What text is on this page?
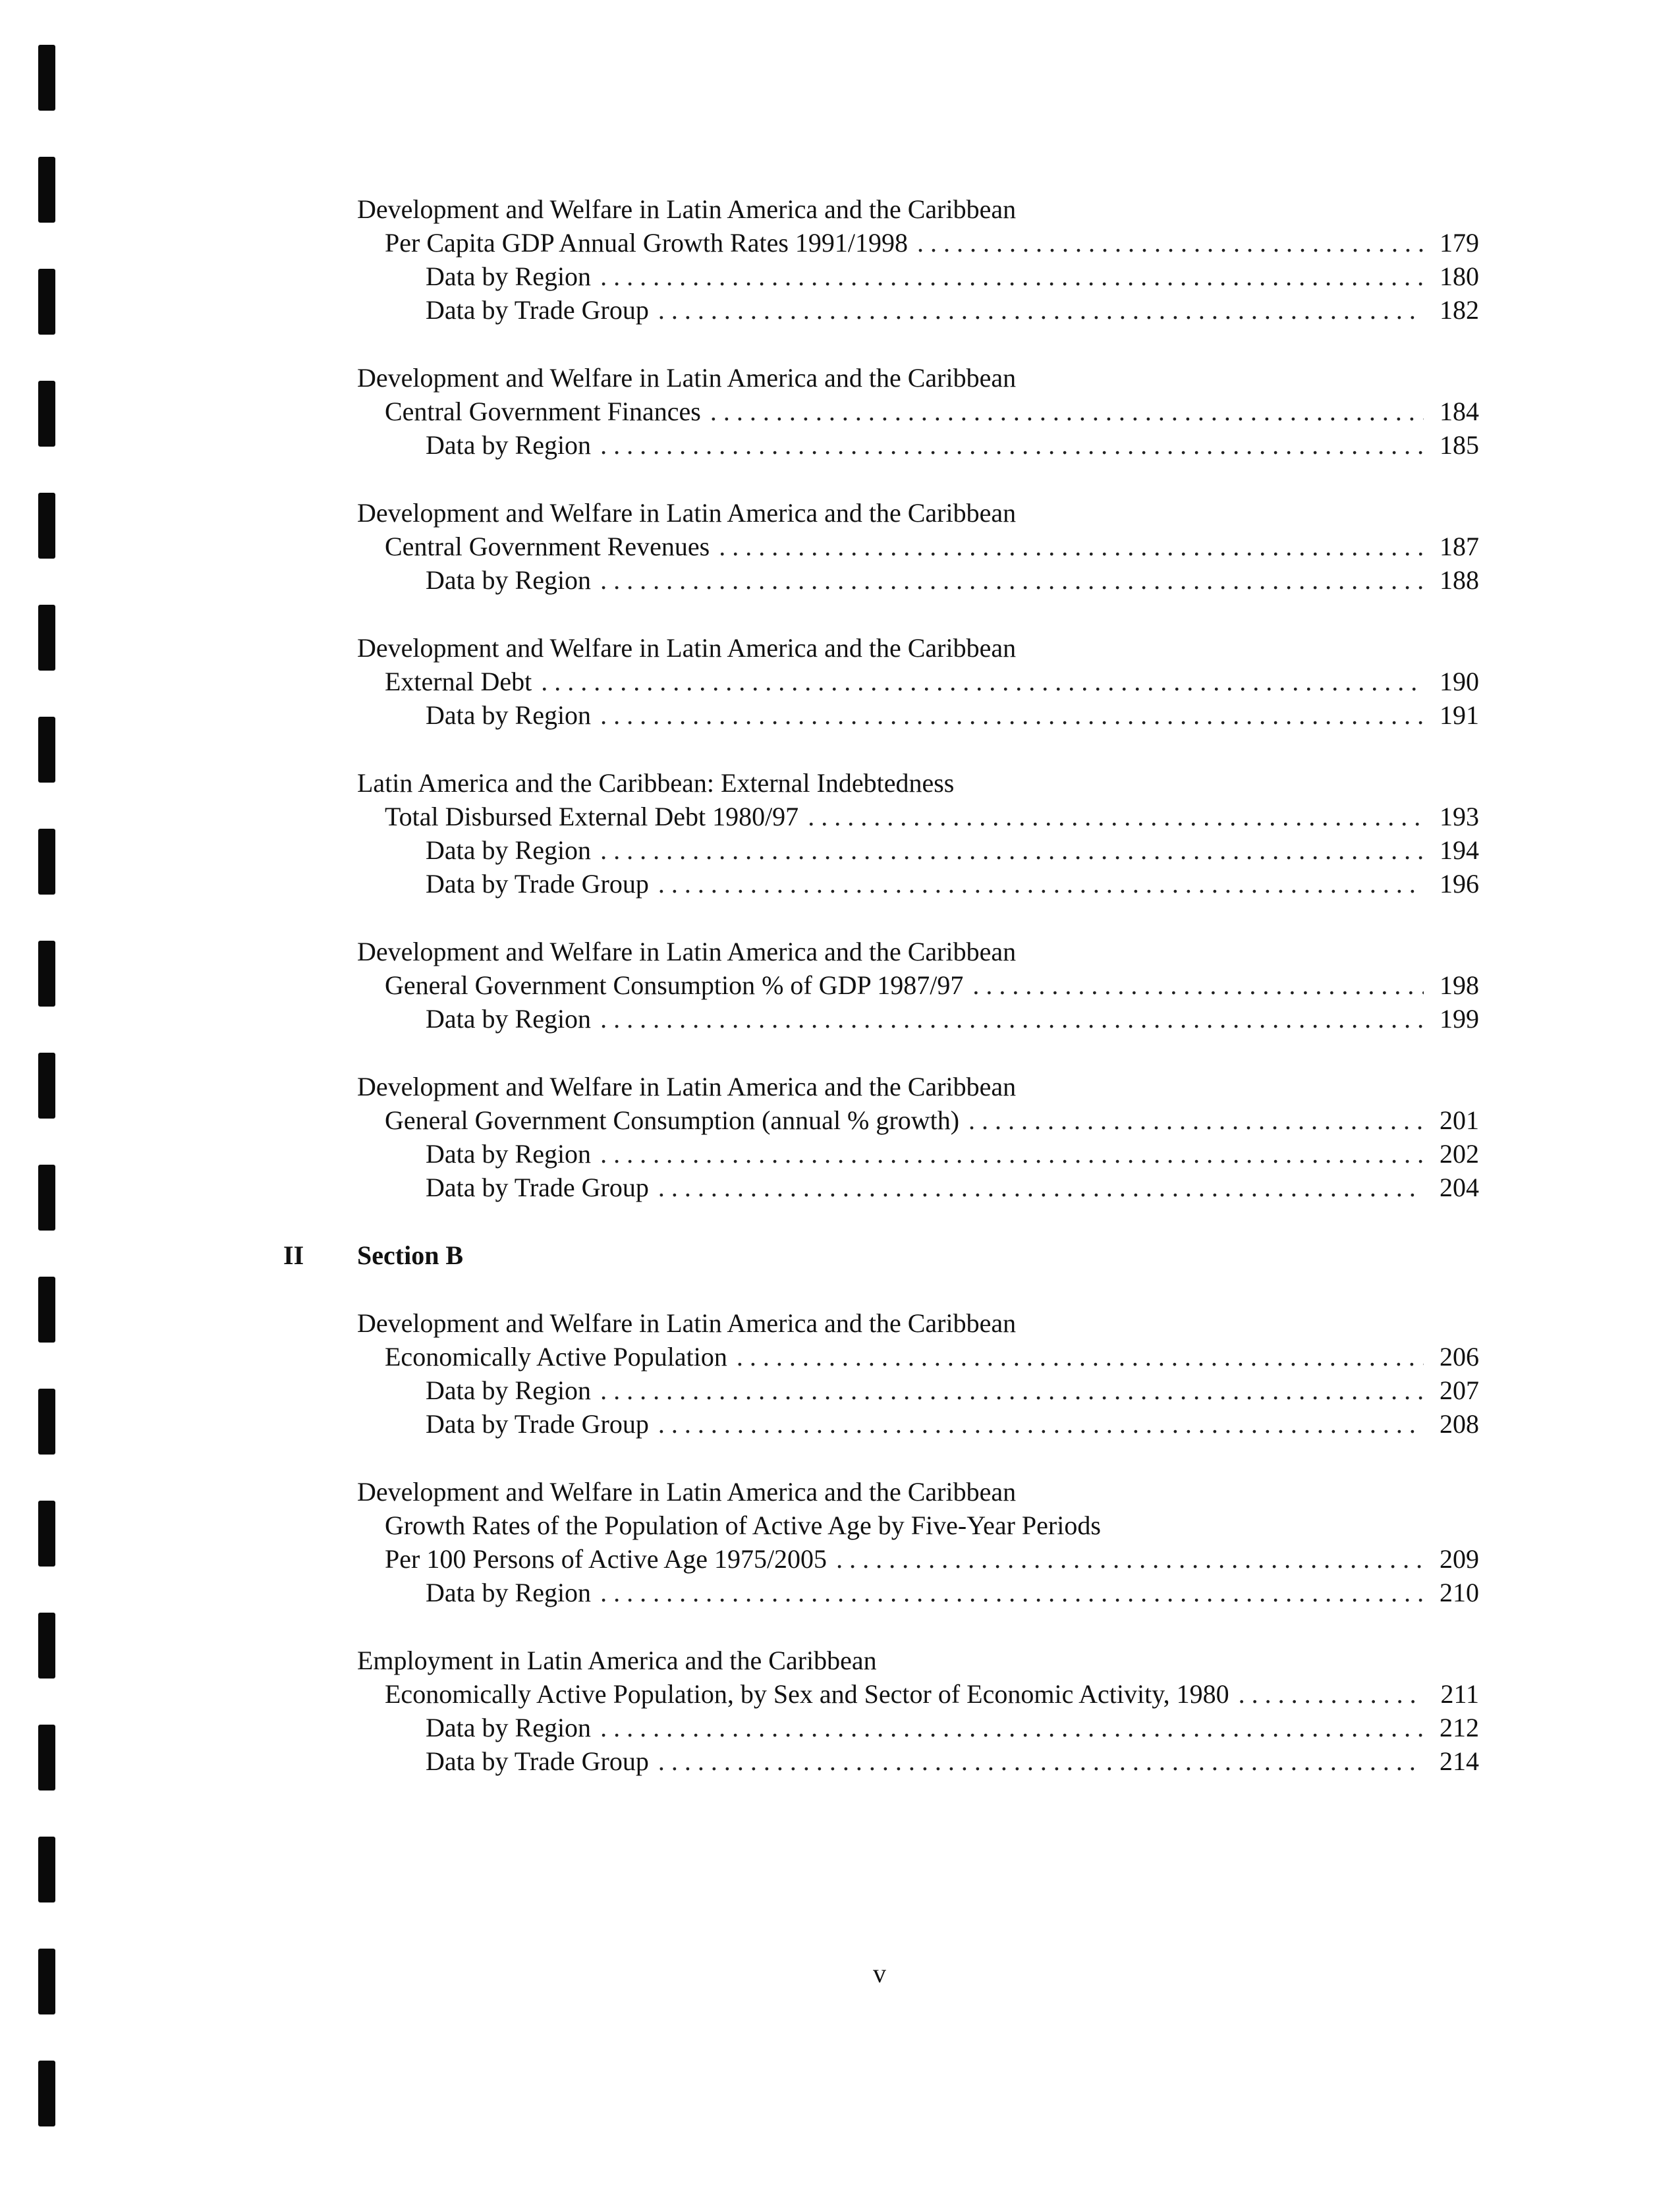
Development and Welfare in Latin America and the Caribbean
Per Capita GDP Annual Growth Rates 1991/1998 . . .	179
Data by Region . . .	180
Data by Trade Group . . .	182
Development and Welfare in Latin America and the Caribbean
Central Government Finances . . .	184
Data by Region . . .	185
Development and Welfare in Latin America and the Caribbean
Central Government Revenues . . .	187
Data by Region . . .	188
Development and Welfare in Latin America and the Caribbean
External Debt . . .	190
Data by Region . . .	191
Latin America and the Caribbean: External Indebtedness
Total Disbursed External Debt 1980/97 . . .	193
Data by Region . . .	194
Data by Trade Group . . .	196
Development and Welfare in Latin America and the Caribbean
General Government Consumption % of GDP 1987/97 . . .	198
Data by Region . . .	199
Development and Welfare in Latin America and the Caribbean
General Government Consumption (annual % growth) . . .	201
Data by Region . . .	202
Data by Trade Group . . .	204
II Section B
Development and Welfare in Latin America and the Caribbean
Economically Active Population . . .	206
Data by Region . . .	207
Data by Trade Group . . .	208
Development and Welfare in Latin America and the Caribbean
Growth Rates of the Population of Active Age by Five-Year Periods
Per 100 Persons of Active Age 1975/2005 . . .	209
Data by Region . . .	210
Employment in Latin America and the Caribbean
Economically Active Population, by Sex and Sector of Economic Activity, 1980 . . .	211
Data by Region . . .	212
Data by Trade Group . . .	214
v
